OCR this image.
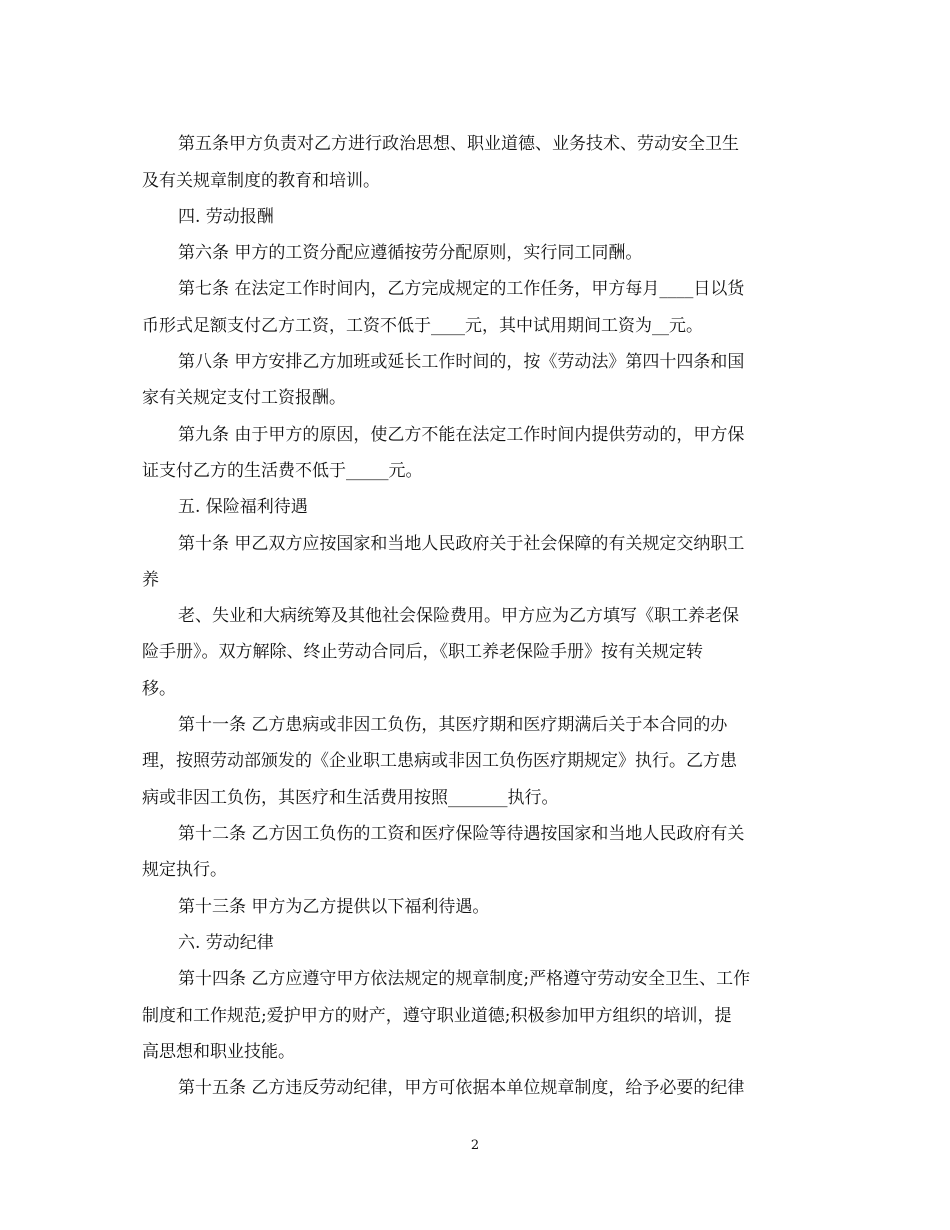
第五条甲方负责对乙方进行政治思想、职业道德、业务技术、劳动安全卫生
及有关规章制度的教育和培训。
四. 劳动报酬
第六条 甲方的工资分配应遵循按劳分配原则，实行同工同酬。
第七条 在法定工作时间内，乙方完成规定的工作任务，甲方每月____日以货
币形式足额支付乙方工资，工资不低于____元，其中试用期间工资为__元。
第八条 甲方安排乙方加班或延长工作时间的，按《劳动法》第四十四条和国
家有关规定支付工资报酬。
第九条 由于甲方的原因，使乙方不能在法定工作时间内提供劳动的，甲方保
证支付乙方的生活费不低于_____元。
五. 保险福利待遇
第十条 甲乙双方应按国家和当地人民政府关于社会保障的有关规定交纳职工
养
老、失业和大病统筹及其他社会保险费用。甲方应为乙方填写《职工养老保
险手册》。双方解除、终止劳动合同后，《职工养老保险手册》按有关规定转
移。
第十一条 乙方患病或非因工负伤，其医疗期和医疗期满后关于本合同的办
理，按照劳动部颁发的《企业职工患病或非因工负伤医疗期规定》执行。乙方患
病或非因工负伤，其医疗和生活费用按照_______执行。
第十二条 乙方因工负伤的工资和医疗保险等待遇按国家和当地人民政府有关
规定执行。
第十三条 甲方为乙方提供以下福利待遇。
六. 劳动纪律
第十四条 乙方应遵守甲方依法规定的规章制度;严格遵守劳动安全卫生、工作
制度和工作规范;爱护甲方的财产，遵守职业道德;积极参加甲方组织的培训，提
高思想和职业技能。
第十五条 乙方违反劳动纪律，甲方可依据本单位规章制度，给予必要的纪律
2
